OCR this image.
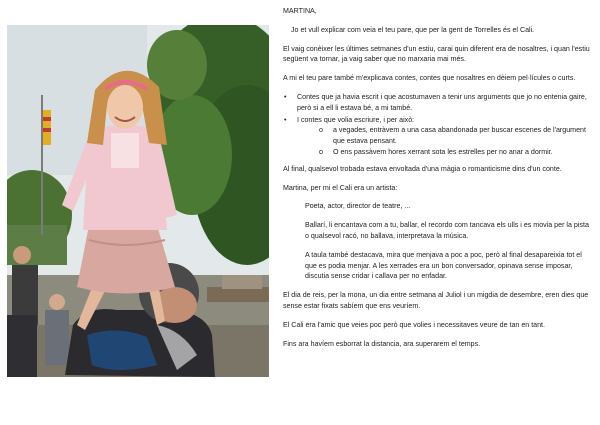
MARTINA,

Jo et vull explicar com veia el teu pare, que per la gent de Torrelles és el Cali.

El vaig conèixer les últimes setmanes d'un estiu, carai quin diferent era de nosaltres, i quan l'estiu següent va tornar, ja vaig saber que no marxaria mai més.

A mi el teu pare també m'explicava contes, contes que nosaltres en dèiem pel·lícules o curts.

• Contes que ja havia escrit i que acostumaven a tenir uns arguments que jo no entenia gaire, però si a ell li estava bé, a mi també.
• I contes que volia escriure, i per això:
o a vegades, entràvem a una casa abandonada per buscar escenes de l'argument que estava pensant.
o O ens passàvem hores xerrant sota les estrelles per no anar a dormir.

Al final, qualsevol trobada estava envoltada d'una màgia o romanticisme dins d'un conte.

Martina, per mi el Cali era un artista:

Poeta, actor, director de teatre, ...

Ballarí, li encantava com a tu, ballar, el recordo com tancava els ulls i es movia per la pista o qualsevol racó, no ballava, interpretava la música.

A taula també destacava, mira que menjava a poc a poc, però al final desapareixia tot el que es podia menjar. A les xerrades era un bon conversador, opinava sense imposar, discutia sense cridar i callava per no enfadar.

El dia de reis, per la mona, un dia entre setmana al Juliol i un migdia de desembre, eren dies que sense estar fixats sabíem que ens veuríem.

El Cali era l'amic que veies poc però que volies i necessitaves veure de tan en tant.

Fins ara havíem esborrat la distancia, ara superarem el temps.
